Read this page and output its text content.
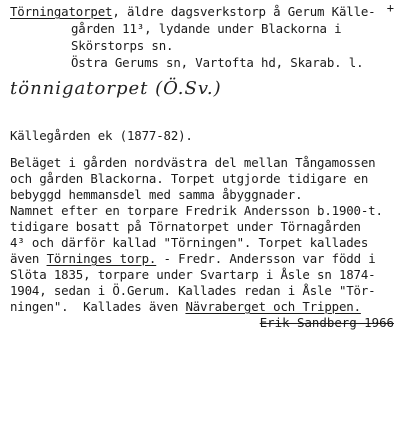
+
Törningatorpet, äldre dagsverkstorp å Gerum Källe-
gården 11³, lydande under Blackorna i
Skörstorps sn.
Östra Gerums sn, Vartofta hd, Skarab. l.
tönnigatorpet (Ö.Sv.)
Källegården ek (1877-82).
Beläget i gården nordvästra del mellan Tångamossen
och gården Blackorna. Torpet utgjorde tidigare en
bebyggd hemmansdel med samma åbyggnader.
Namnet efter en torpare Fredrik Andersson b.1900-t.
tidigare bosatt på Törnatorpet under Törnagården
4³ och därför kallad "Törningen". Torpet kallades
även Törninges torp. - Fredr. Andersson var född i
Slöta 1835, torpare under Svartarp i Åsle sn 1874-
1904, sedan i Ö.Gerum. Kallades redan i Åsle "Tör-
ningen".  Kallades även Nävraberget och Trippen.
Erik Sandberg 1966
